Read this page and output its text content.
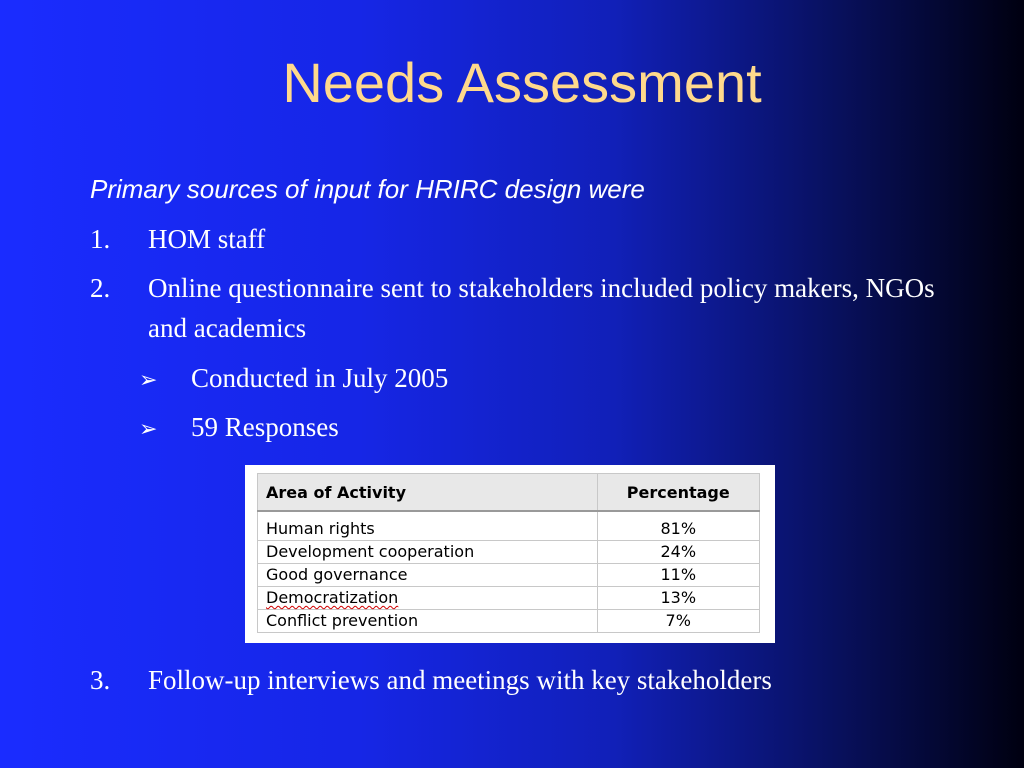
Needs Assessment
Primary sources of input for HRIRC design were
1. HOM staff
2. Online questionnaire sent to stakeholders included policy makers, NGOs and academics
➢ Conducted in July 2005
➢ 59 Responses
Area of Activity	Percentage
Human rights	81%
Development cooperation	24%
Good governance	11%
Democratization	13%
Conflict prevention	7%
3. Follow-up interviews and meetings with key stakeholders
